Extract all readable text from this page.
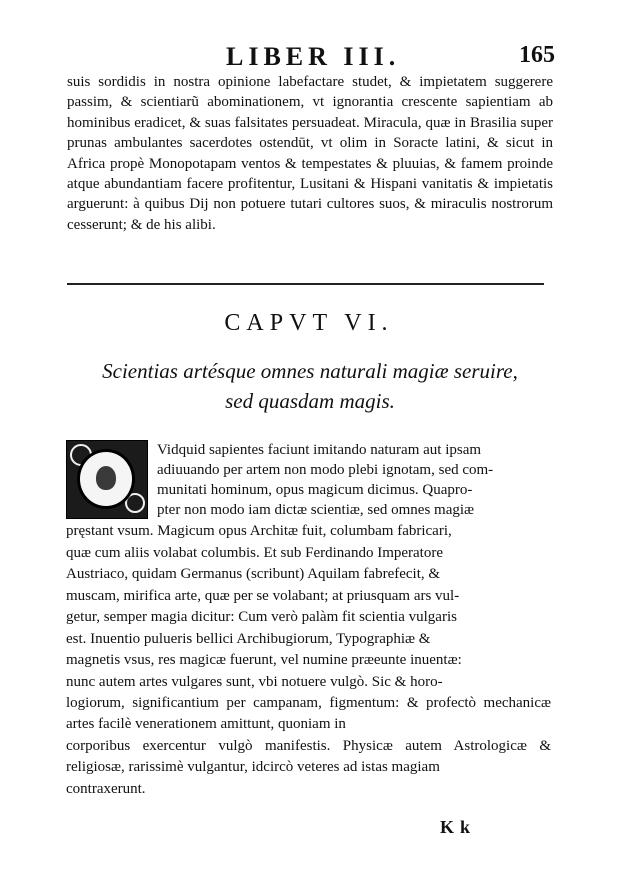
LIBER III.	165

suis sordidis in nostra opinione labefactare studet, & impietatem suggerere passim, & scientiarũ abominationem, vt ignorantia crescente sapientiam ab hominibus eradicet, & suas falsitates persuadeat. Miracula, quæ in Brasilia super prunas ambulantes sacerdotes ostendūt, vt olim in Soracte latini, & sicut in Africa propè Monopotapam ventos & tempestates & pluuias, & famem proinde atque abundantiam facere profitentur, Lusitani & Hispani vanitatis & impietatis arguerunt: à quibus Dij non potuere tutari cultores suos, & miraculis nostrorum cesserunt; & de his alibi.

CAPVT VI.

Scientias artésque omnes naturali magiæ seruire,
sed quasdam magis.

Vidquid sapientes faciunt imitando naturam aut ipsam

adiuuando per artem non modo plebi ignotam, sed com-

munitati hominum, opus magicum dicimus. Quapro-

pter non modo iam dictæ scientiæ, sed omnes magiæ

pręstant vsum. Magicum opus Architæ fuit, columbam fabricari,

quæ cum aliis volabat columbis. Et sub Ferdinando Imperatore

Austriaco, quidam Germanus (scribunt) Aquilam fabrefecit, &

muscam, mirifica arte, quæ per se volabant; at priusquam ars vul-

getur, semper magia dicitur: Cum verò palàm fit scientia vulgaris

est. Inuentio pulueris bellici Archibugiorum, Typographiæ &

magnetis vsus, res magicæ fuerunt, vel numine præeunte inuentæ:

nunc autem artes vulgares sunt, vbi notuere vulgò. Sic & horo-

logiorum, significantium per campanam, figmentum: & profectò mechanicæ artes facilè venerationem amittunt, quoniam in

corporibus exercentur vulgò manifestis. Physicæ autem Astrologicæ & religiosæ, rarissimè vulgantur, idcircò veteres ad istas magiam

contraxerunt.

Kk
